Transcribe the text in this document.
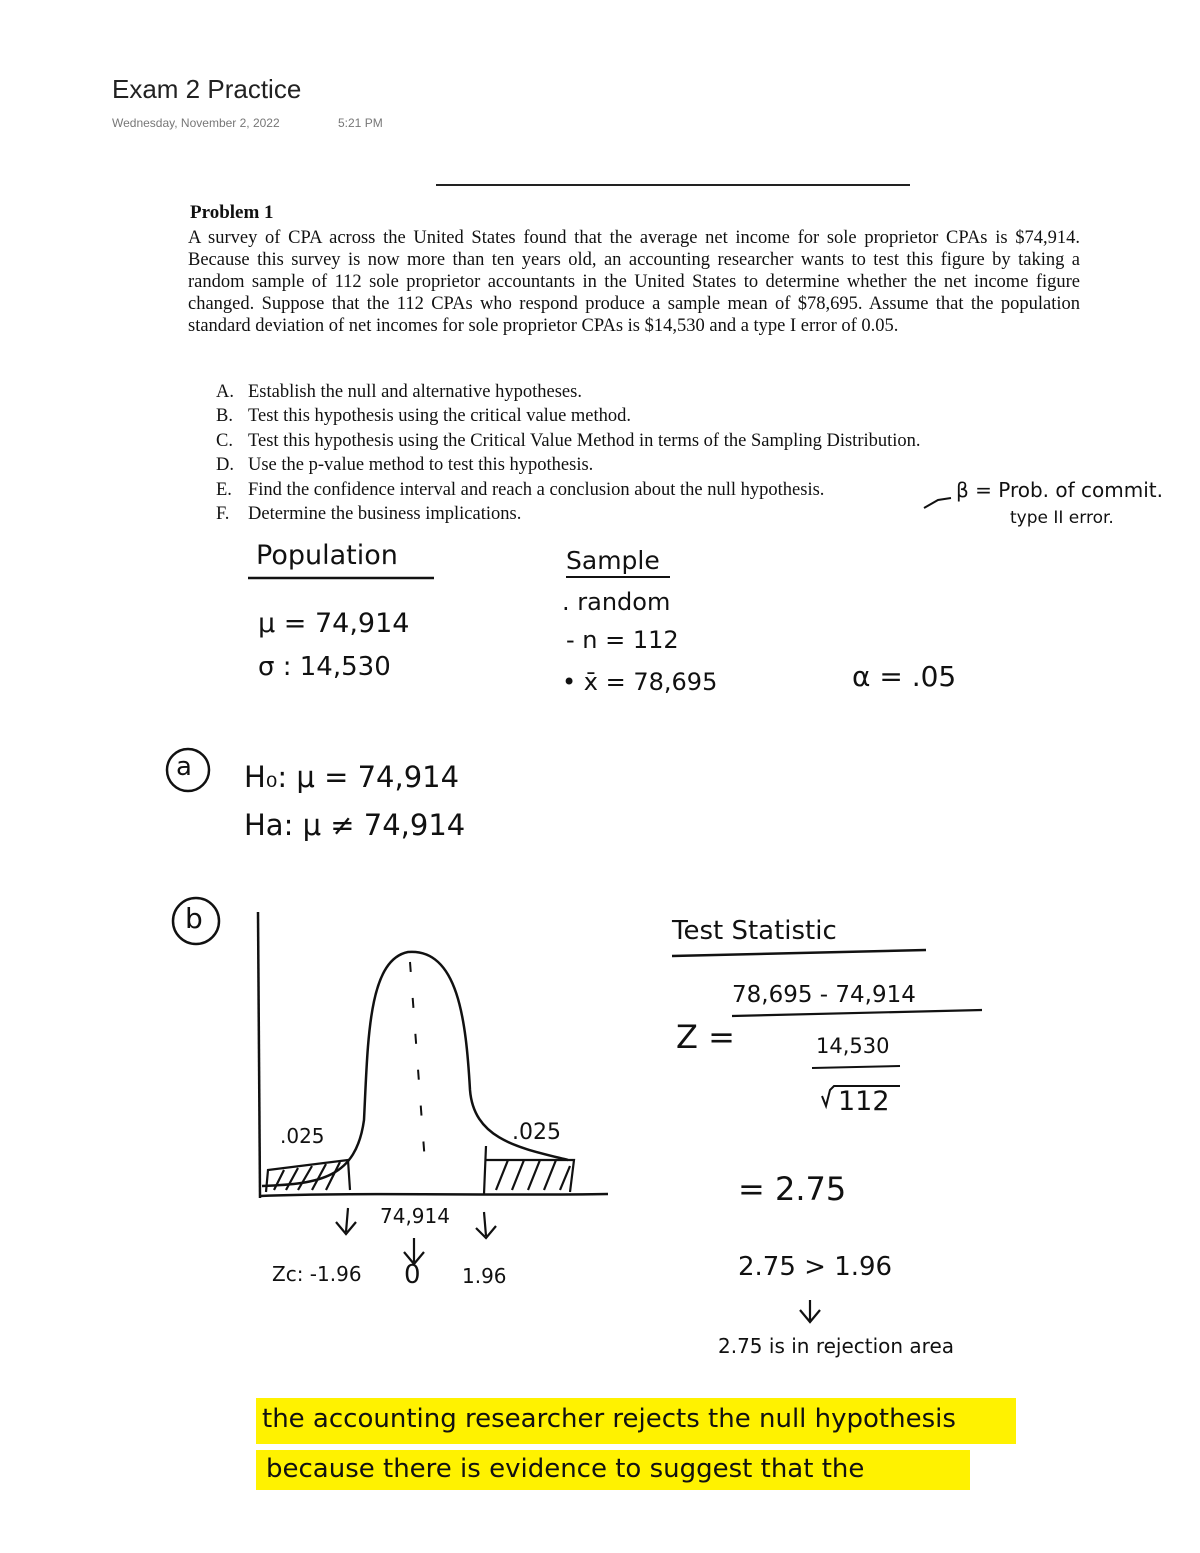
Exam 2 Practice
Wednesday, November 2, 2022	5:21 PM
Problem 1
A survey of CPA across the United States found that the average net income for sole proprietor CPAs is $74,914. Because this survey is now more than ten years old, an accounting researcher wants to test this figure by taking a random sample of 112 sole proprietor accountants in the United States to determine whether the net income figure changed. Suppose that the 112 CPAs who respond produce a sample mean of $78,695. Assume that the population standard deviation of net incomes for sole proprietor CPAs is $14,530 and a type I error of 0.05.
A. Establish the null and alternative hypotheses.
B. Test this hypothesis using the critical value method.
C. Test this hypothesis using the Critical Value Method in terms of the Sampling Distribution.
D. Use the p-value method to test this hypothesis.
E. Find the confidence interval and reach a conclusion about the null hypothesis.
F. Determine the business implications.
β = Prob. of commit.
type II error.
Population
μ = 74,914
σ : 14,530
Sample
. random
- n = 112
• x̄ = 78,695	α = .05
a H₀: μ = 74,914
Ha: μ ≠ 74,914
b
.025	.025
74,914
Zc: -1.96 0 1.96
Test Statistic
Z =
78,695 - 74,914
14,530
112
= 2.75
2.75 > 1.96
2.75 is in rejection area
the accounting researcher rejects the null hypothesis
because there is evidence to suggest that the
